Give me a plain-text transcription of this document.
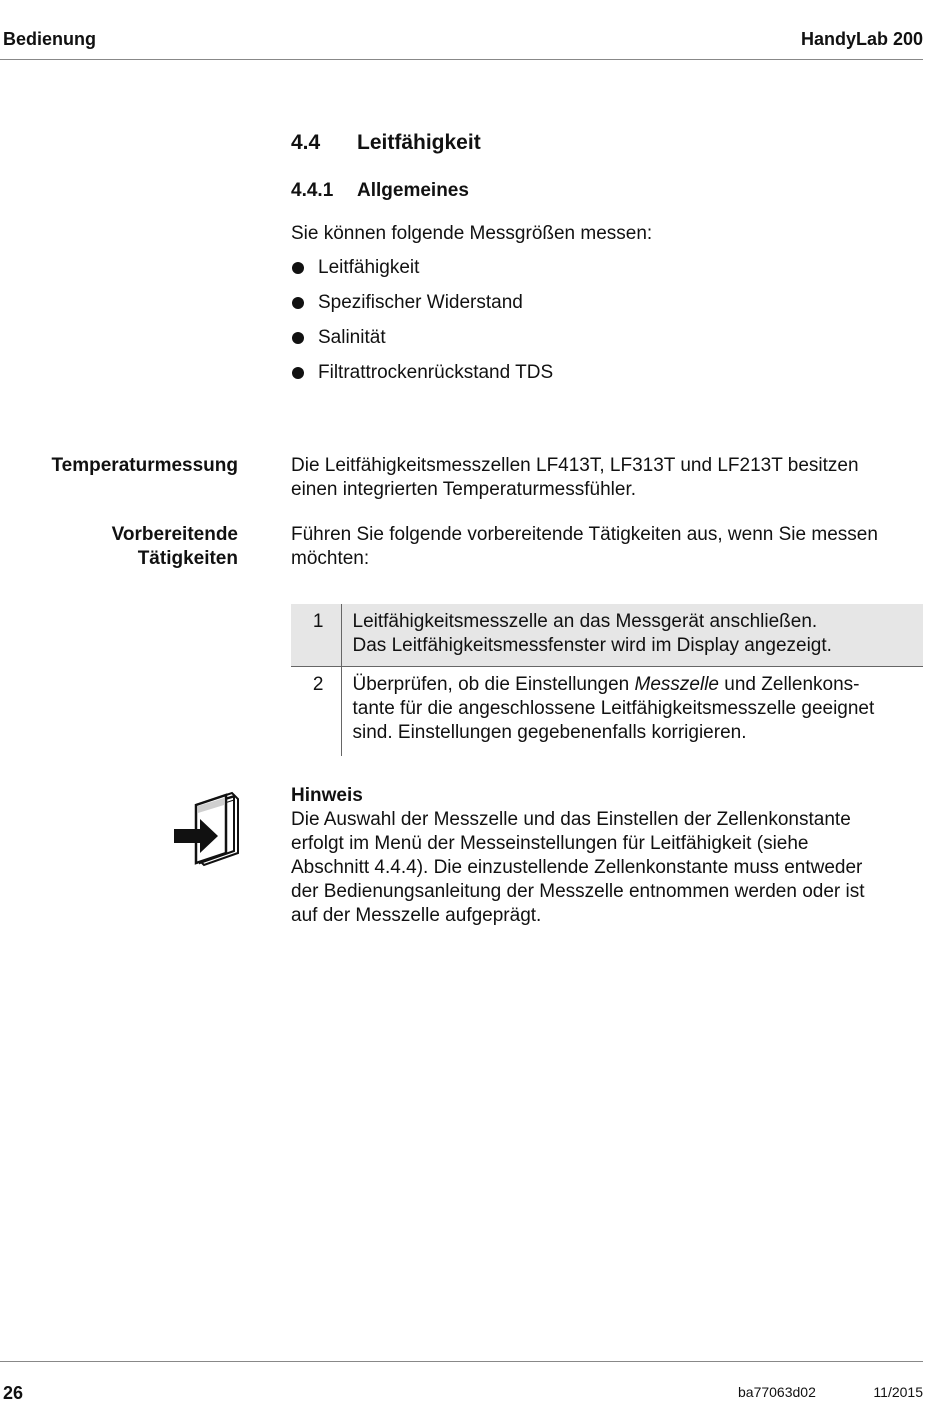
Bedienung	HandyLab 200
4.4 Leitfähigkeit
4.4.1 Allgemeines
Sie können folgende Messgrößen messen:
Leitfähigkeit
Spezifischer Widerstand
Salinität
Filtrattrockenrückstand TDS
Temperaturmessung	Die Leitfähigkeitsmesszellen LF413T, LF313T und LF213T besitzen
einen integrierten Temperaturmessfühler.
Vorbereitende
Tätigkeiten
Führen Sie folgende vorbereitende Tätigkeiten aus, wenn Sie messen
möchten:
1	Leitfähigkeitsmesszelle an das Messgerät anschließen.
Das Leitfähigkeitsmessfenster wird im Display angezeigt.

2	Überprüfen, ob die Einstellungen Messzelle und Zellenkons-
tante für die angeschlossene Leitfähigkeitsmesszelle geeignet
sind. Einstellungen gegebenenfalls korrigieren.
Hinweis
Die Auswahl der Messzelle und das Einstellen der Zellenkonstante
erfolgt im Menü der Messeinstellungen für Leitfähigkeit (siehe
Abschnitt 4.4.4). Die einzustellende Zellenkonstante muss entweder
der Bedienungsanleitung der Messzelle entnommen werden oder ist
auf der Messzelle aufgeprägt.
26	ba77063d02	11/2015
